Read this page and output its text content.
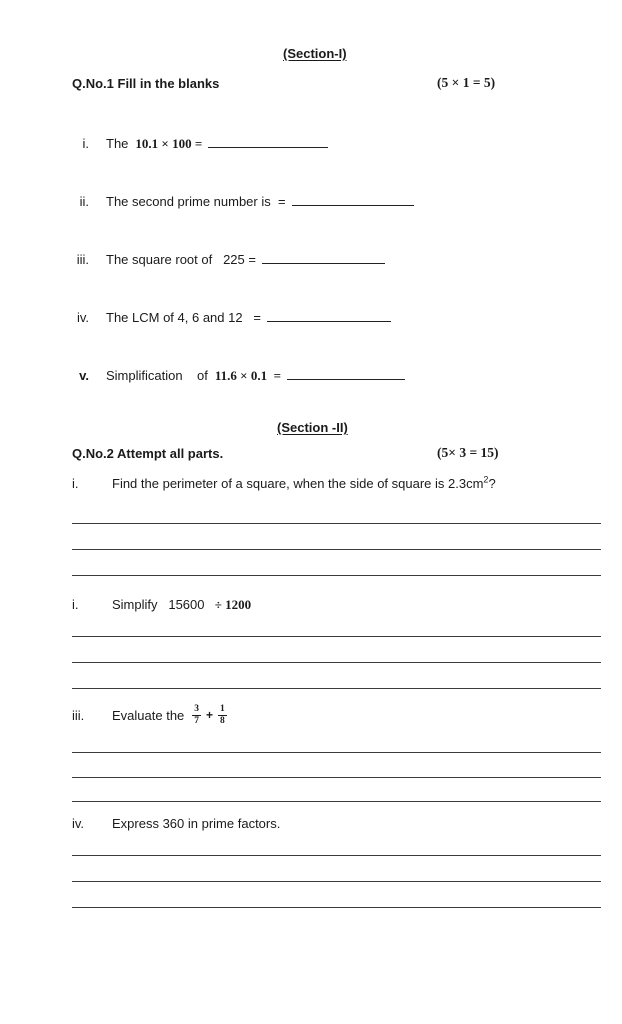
(Section-I)
Q.No.1 Fill in the blanks	(5 × 1 = 5)
i. The 10.1 × 100 =
ii. The second prime number is  =
iii. The square root of   225 =
iv. The LCM of 4, 6 and 12   =
v. Simplification    of 11.6 × 0.1  =
(Section -II)
Q.No.2 Attempt all parts.	(5× 3 = 15)
i.	Find the perimeter of a square, when the side of square is $2.3cm^2$?
i.	Simplify   15600 ÷ 1200
iii.	Evaluate the $\frac{3}{7} + \frac{1}{8}$
iv.	Express 360 in prime factors.
